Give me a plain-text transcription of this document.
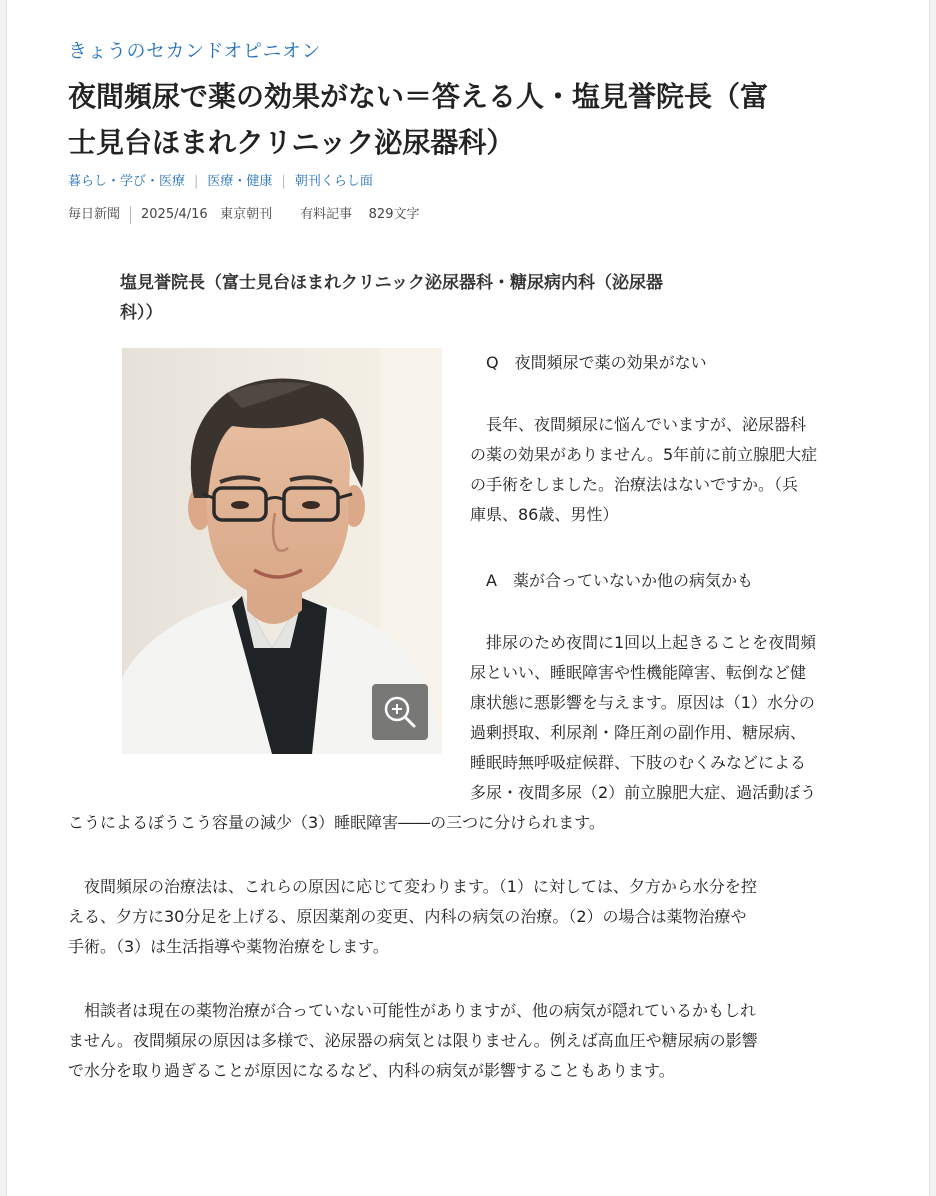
きょうのセカンドオピニオン
夜間頻尿で薬の効果がない＝答える人・塩見誉院長（富
士見台ほまれクリニック泌尿器科）
暮らし・学び・医療 | 医療・健康 | 朝刊くらし面
毎日新聞 2025/4/16 東京朝刊 有料記事 829文字
塩見誉院長（富士見台ほまれクリニック泌尿器科・糖尿病内科（泌尿器
科））
　Q　夜間頻尿で薬の効果がない
　長年、夜間頻尿に悩んでいますが、泌尿器科
の薬の効果がありません。5年前に前立腺肥大症
の手術をしました。治療法はないですか。（兵
庫県、86歳、男性）
　A　薬が合っていないか他の病気かも
　排尿のため夜間に1回以上起きることを夜間頻
尿といい、睡眠障害や性機能障害、転倒など健
康状態に悪影響を与えます。原因は（1）水分の
過剰摂取、利尿剤・降圧剤の副作用、糖尿病、
睡眠時無呼吸症候群、下肢のむくみなどによる
多尿・夜間多尿（2）前立腺肥大症、過活動ぼう
こうによるぼうこう容量の減少（3）睡眠障害――の三つに分けられます。
　夜間頻尿の治療法は、これらの原因に応じて変わります。（1）に対しては、夕方から水分を控
える、夕方に30分足を上げる、原因薬剤の変更、内科の病気の治療。（2）の場合は薬物治療や
手術。（3）は生活指導や薬物治療をします。
　相談者は現在の薬物治療が合っていない可能性がありますが、他の病気が隠れているかもしれ
ません。夜間頻尿の原因は多様で、泌尿器の病気とは限りません。例えば高血圧や糖尿病の影響
で水分を取り過ぎることが原因になるなど、内科の病気が影響することもあります。
